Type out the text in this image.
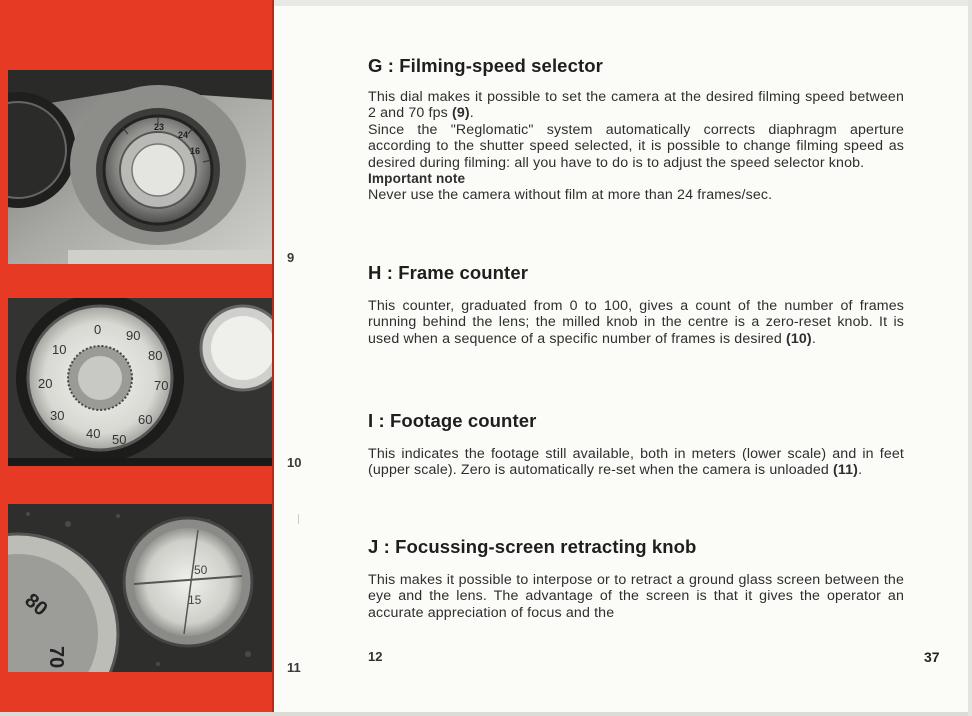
23
24
16
0 90
80
70
60
50
40
30
20
10
80
70
50
15
9
10
11
G : Filming-speed selector

This dial makes it possible to set the camera at the desired filming speed between 2 and 70 fps (9).

Since the "Reglomatic" system automatically corrects diaphragm aperture according to the shutter speed selected, it is possible to change filming speed as desired during filming: all you have to do is to adjust the speed selector knob.

Important note

Never use the camera without film at more than 24 frames/sec.

H : Frame counter

This counter, graduated from 0 to 100, gives a count of the number of frames running behind the lens; the milled knob in the centre is a zero-reset knob. It is used when a sequence of a specific number of frames is desired (10).

I : Footage counter

This indicates the footage still available, both in meters (lower scale) and in feet (upper scale). Zero is automatically re-set when the camera is unloaded (11).

J : Focussing-screen retracting knob

This makes it possible to interpose or to retract a ground glass screen between the eye and the lens. The advantage of the screen is that it gives the operator an accurate appreciation of focus and the

12	37
